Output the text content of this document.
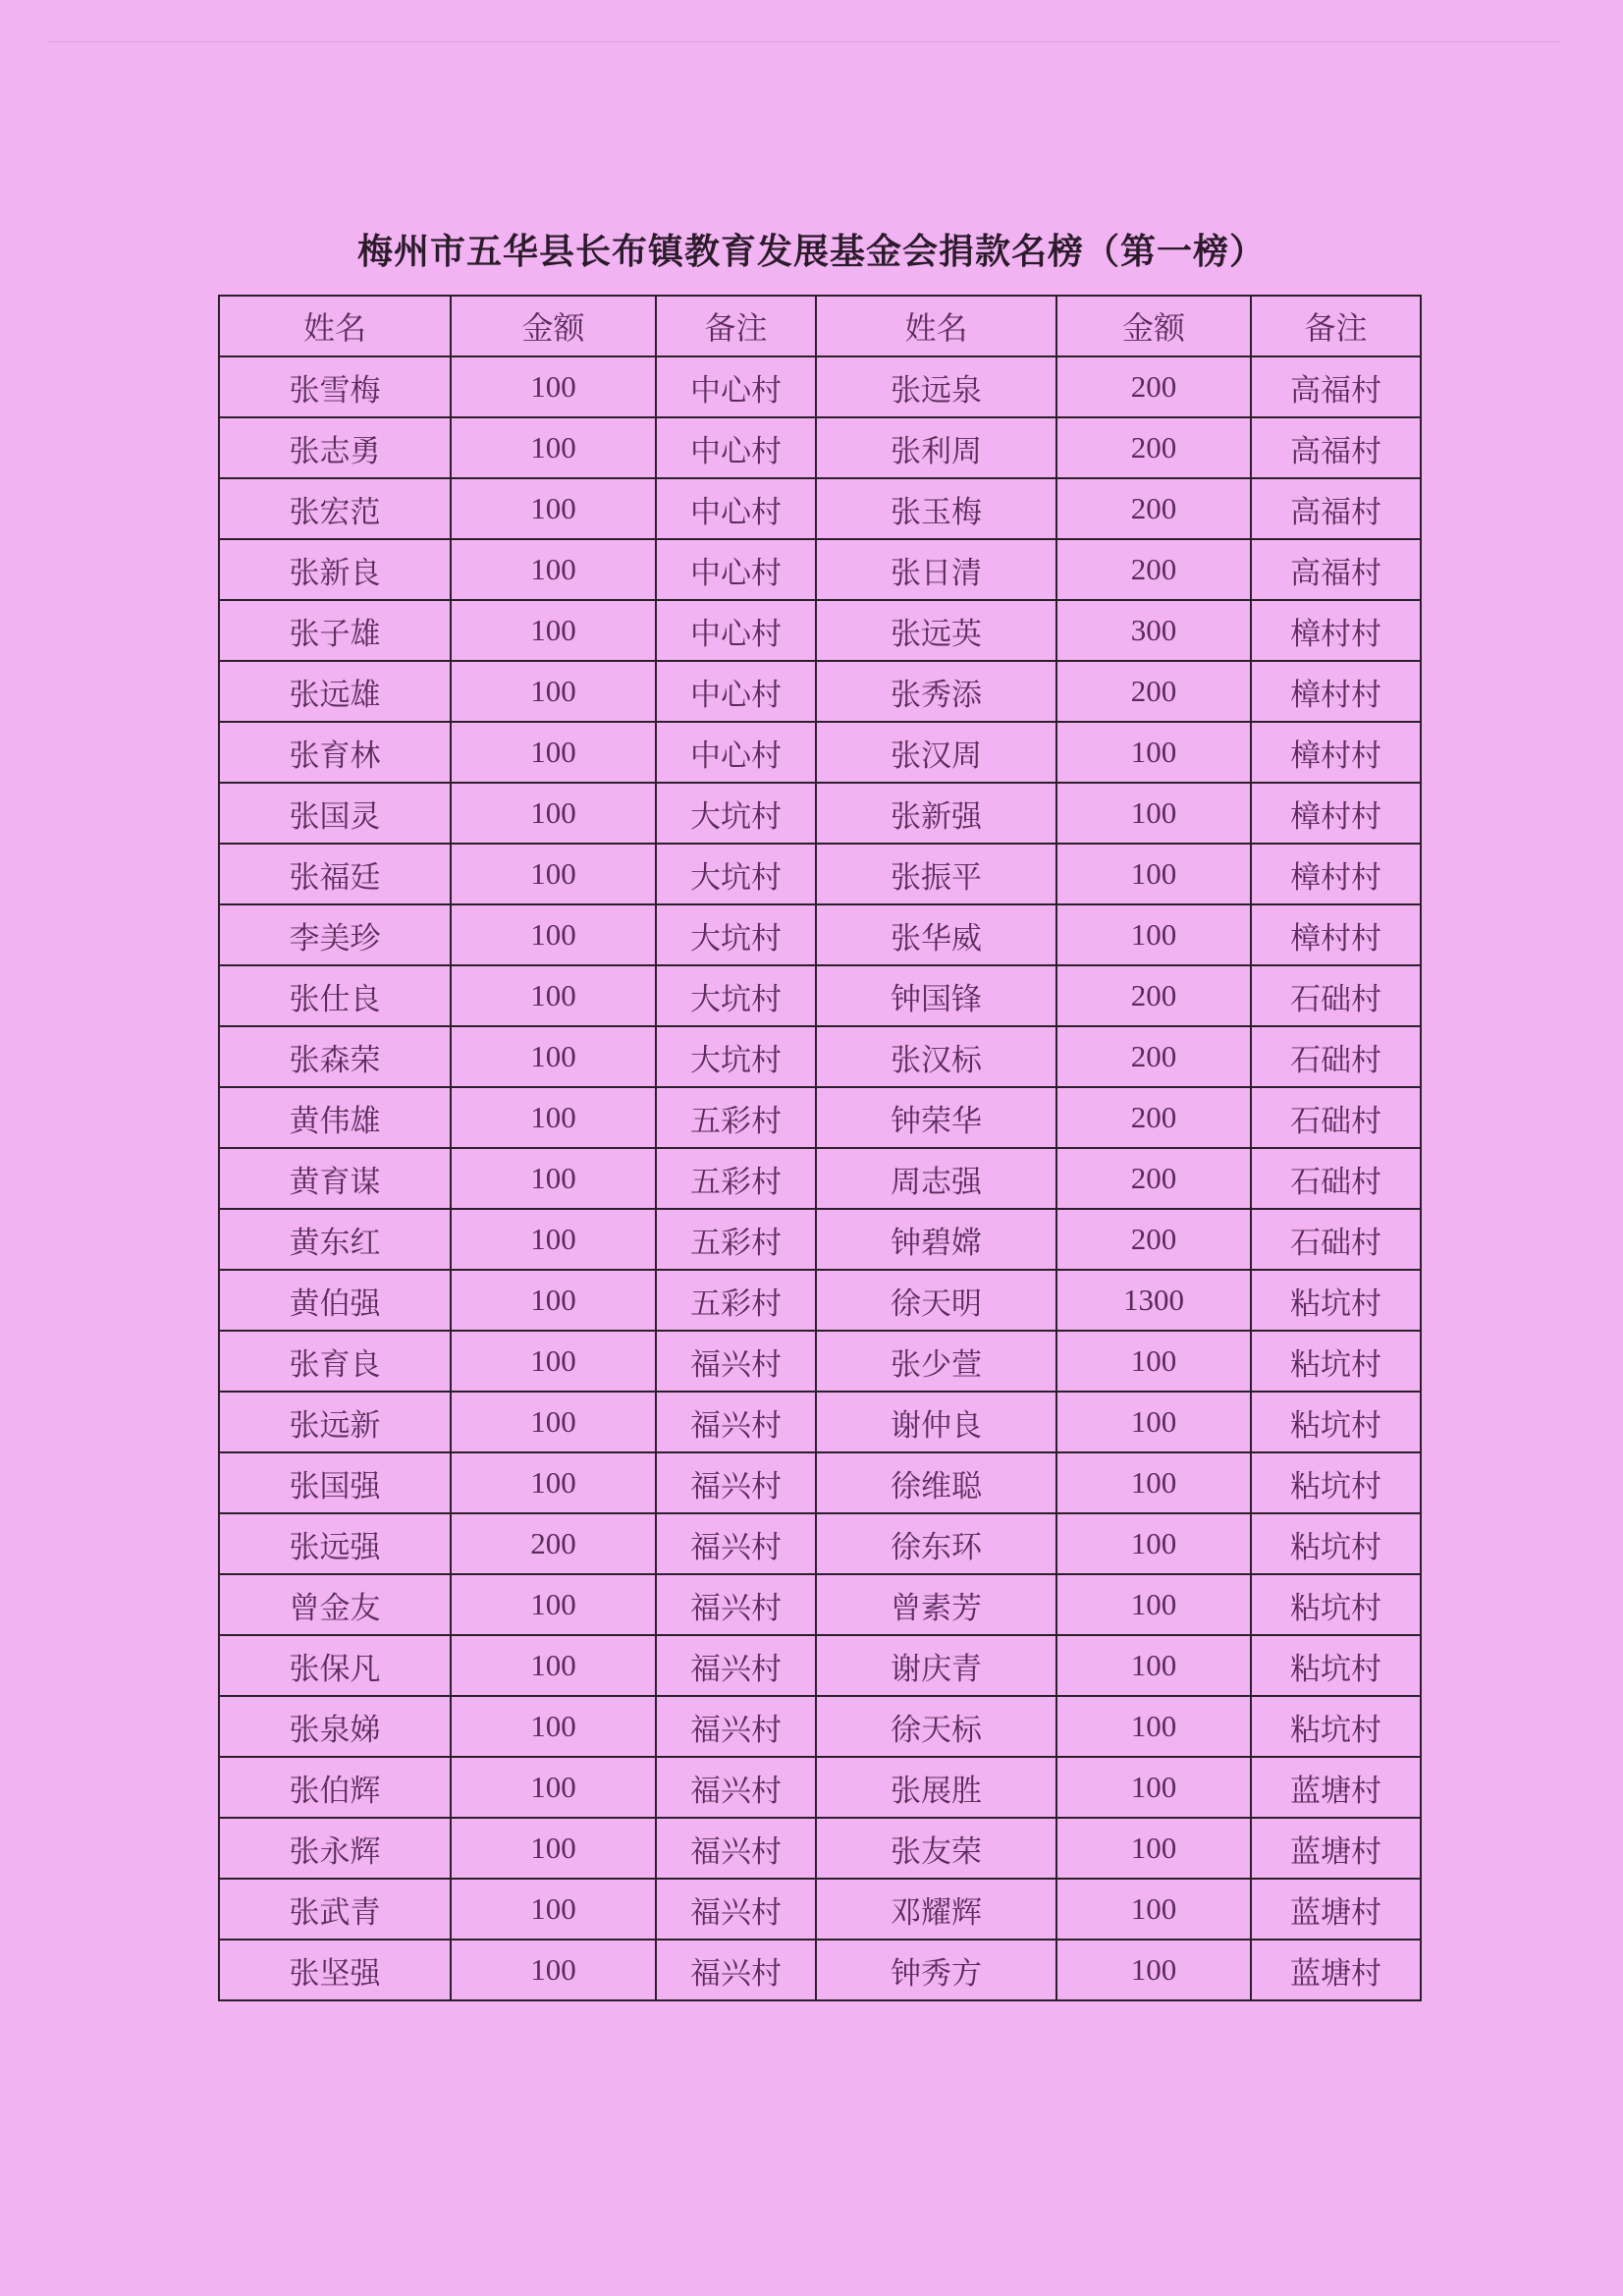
梅州市五华县长布镇教育发展基金会捐款名榜（第一榜）
姓名	金额	备注	姓名	金额	备注
张雪梅	100	中心村	张远泉	200	高福村
张志勇	100	中心村	张利周	200	高福村
张宏范	100	中心村	张玉梅	200	高福村
张新良	100	中心村	张日清	200	高福村
张子雄	100	中心村	张远英	300	樟村村
张远雄	100	中心村	张秀添	200	樟村村
张育林	100	中心村	张汉周	100	樟村村
张国灵	100	大坑村	张新强	100	樟村村
张福廷	100	大坑村	张振平	100	樟村村
李美珍	100	大坑村	张华威	100	樟村村
张仕良	100	大坑村	钟国锋	200	石础村
张森荣	100	大坑村	张汉标	200	石础村
黄伟雄	100	五彩村	钟荣华	200	石础村
黄育谋	100	五彩村	周志强	200	石础村
黄东红	100	五彩村	钟碧嫦	200	石础村
黄伯强	100	五彩村	徐天明	1300	粘坑村
张育良	100	福兴村	张少萱	100	粘坑村
张远新	100	福兴村	谢仲良	100	粘坑村
张国强	100	福兴村	徐维聪	100	粘坑村
张远强	200	福兴村	徐东环	100	粘坑村
曾金友	100	福兴村	曾素芳	100	粘坑村
张保凡	100	福兴村	谢庆青	100	粘坑村
张泉娣	100	福兴村	徐天标	100	粘坑村
张伯辉	100	福兴村	张展胜	100	蓝塘村
张永辉	100	福兴村	张友荣	100	蓝塘村
张武青	100	福兴村	邓耀辉	100	蓝塘村
张坚强	100	福兴村	钟秀方	100	蓝塘村
